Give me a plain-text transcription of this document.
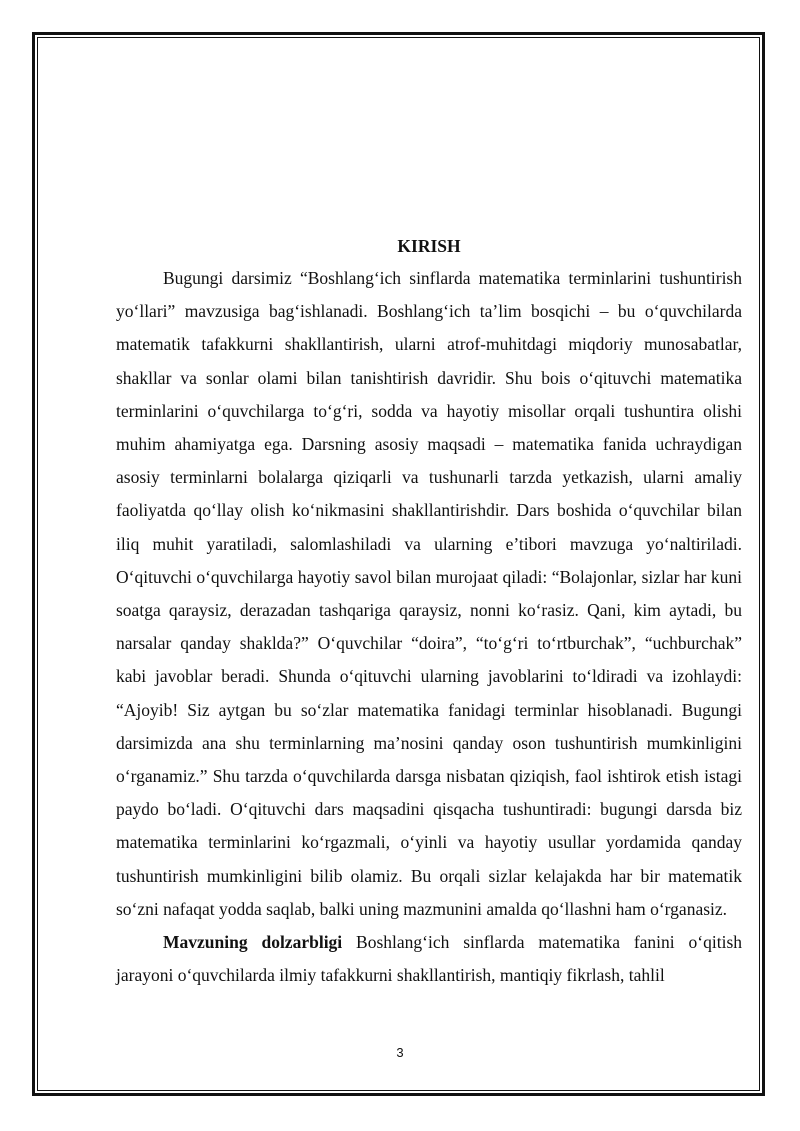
KIRISH

Bugungi darsimiz “Boshlang‘ich sinflarda matematika terminlarini tushuntirish yo‘llari” mavzusiga bag‘ishlanadi. Boshlang‘ich ta’lim bosqichi – bu o‘quvchilarda matematik tafakkurni shakllantirish, ularni atrof-muhitdagi miqdoriy munosabatlar, shakllar va sonlar olami bilan tanishtirish davridir. Shu bois o‘qituvchi matematika terminlarini o‘quvchilarga to‘g‘ri, sodda va hayotiy misollar orqali tushuntira olishi muhim ahamiyatga ega. Darsning asosiy maqsadi – matematika fanida uchraydigan asosiy terminlarni bolalarga qiziqarli va tushunarli tarzda yetkazish, ularni amaliy faoliyatda qo‘llay olish ko‘nikmasini shakllantirishdir. Dars boshida o‘quvchilar bilan iliq muhit yaratiladi, salomlashiladi va ularning e’tibori mavzuga yo‘naltiriladi. O‘qituvchi o‘quvchilarga hayotiy savol bilan murojaat qiladi: “Bolajonlar, sizlar har kuni soatga qaraysiz, derazadan tashqariga qaraysiz, nonni ko‘rasiz. Qani, kim aytadi, bu narsalar qanday shaklda?” O‘quvchilar “doira”, “to‘g‘ri to‘rtburchak”, “uchburchak” kabi javoblar beradi. Shunda o‘qituvchi ularning javoblarini to‘ldiradi va izohlaydi: “Ajoyib! Siz aytgan bu so‘zlar matematika fanidagi terminlar hisoblanadi. Bugungi darsimizda ana shu terminlarning ma’nosini qanday oson tushuntirish mumkinligini o‘rganamiz.” Shu tarzda o‘quvchilarda darsga nisbatan qiziqish, faol ishtirok etish istagi paydo bo‘ladi. O‘qituvchi dars maqsadini qisqacha tushuntiradi: bugungi darsda biz matematika terminlarini ko‘rgazmali, o‘yinli va hayotiy usullar yordamida qanday tushuntirish mumkinligini bilib olamiz. Bu orqali sizlar kelajakda har bir matematik so‘zni nafaqat yodda saqlab, balki uning mazmunini amalda qo‘llashni ham o‘rganasiz.

Mavzuning dolzarbligi Boshlang‘ich sinflarda matematika fanini o‘qitish jarayoni o‘quvchilarda ilmiy tafakkurni shakllantirish, mantiqiy fikrlash, tahlil

3
